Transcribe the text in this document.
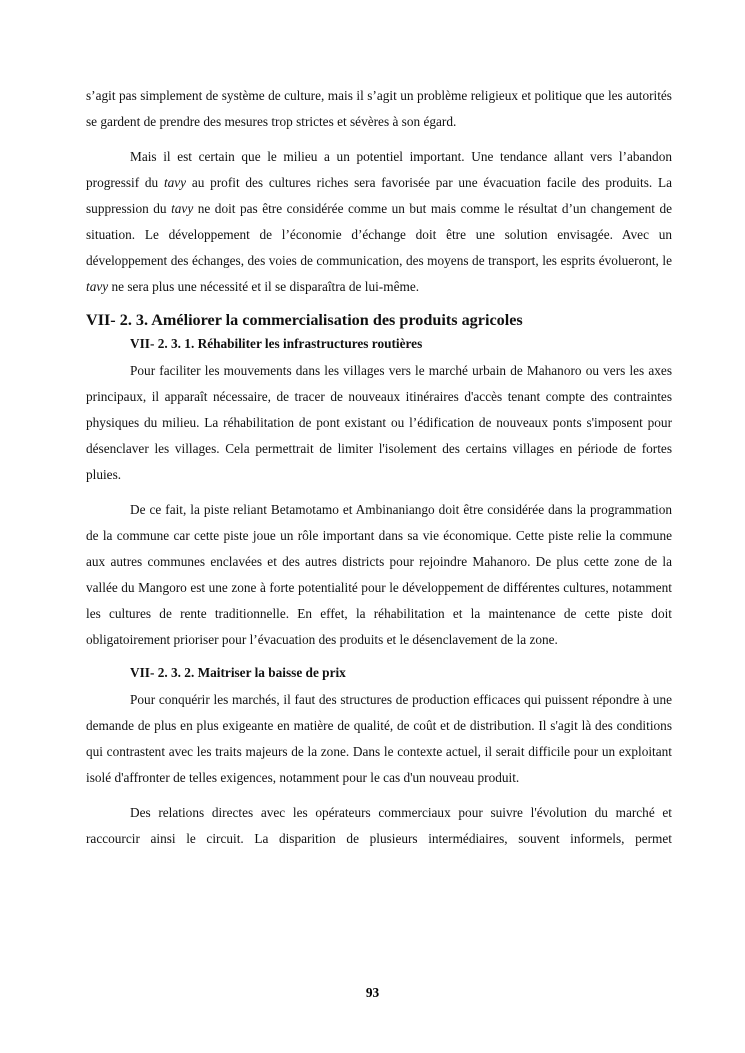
s’agit pas simplement de système de culture, mais il s’agit un problème religieux et politique que les autorités se gardent de prendre des mesures trop strictes et sévères à son égard.

Mais il est certain que le milieu a un potentiel important. Une tendance allant vers l’abandon progressif du tavy au profit des cultures riches sera favorisée par une évacuation facile des produits. La suppression du tavy ne doit pas être considérée comme un but mais comme le résultat d’un changement de situation. Le développement de l’économie d’échange doit être une solution envisagée. Avec un développement des échanges, des voies de communication, des moyens de transport, les esprits évolueront, le tavy ne sera plus une nécessité et il se disparaîtra de lui-même.

VII- 2. 3. Améliorer la commercialisation des produits agricoles
VII- 2. 3. 1. Réhabiliter les infrastructures routières

Pour faciliter les mouvements dans les villages vers le marché urbain de Mahanoro ou vers les axes principaux, il apparaît nécessaire, de tracer de nouveaux itinéraires d'accès tenant compte des contraintes physiques du milieu. La réhabilitation de pont existant ou l’édification de nouveaux ponts s'imposent pour désenclaver les villages. Cela permettrait de limiter l'isolement des certains villages en période de fortes pluies.

De ce fait, la piste reliant Betamotamo et Ambinaniango doit être considérée dans la programmation de la commune car cette piste joue un rôle important dans sa vie économique. Cette piste relie la commune aux autres communes enclavées et des autres districts pour rejoindre Mahanoro. De plus cette zone de la vallée du Mangoro est une zone à forte potentialité pour le développement de différentes cultures, notamment les cultures de rente traditionnelle. En effet, la réhabilitation et la maintenance de cette piste doit obligatoirement prioriser pour l’évacuation des produits et le désenclavement de la zone.

VII- 2. 3. 2. Maitriser la baisse de prix

Pour conquérir les marchés, il faut des structures de production efficaces qui puissent répondre à une demande de plus en plus exigeante en matière de qualité, de coût et de distribution. Il s'agit là des conditions qui contrastent avec les traits majeurs de la zone. Dans le contexte actuel, il serait difficile pour un exploitant isolé d'affronter de telles exigences, notamment pour le cas d'un nouveau produit.

Des relations directes avec les opérateurs commerciaux pour suivre l'évolution du marché et raccourcir ainsi le circuit. La disparition de plusieurs intermédiaires, souvent informels, permet

93
